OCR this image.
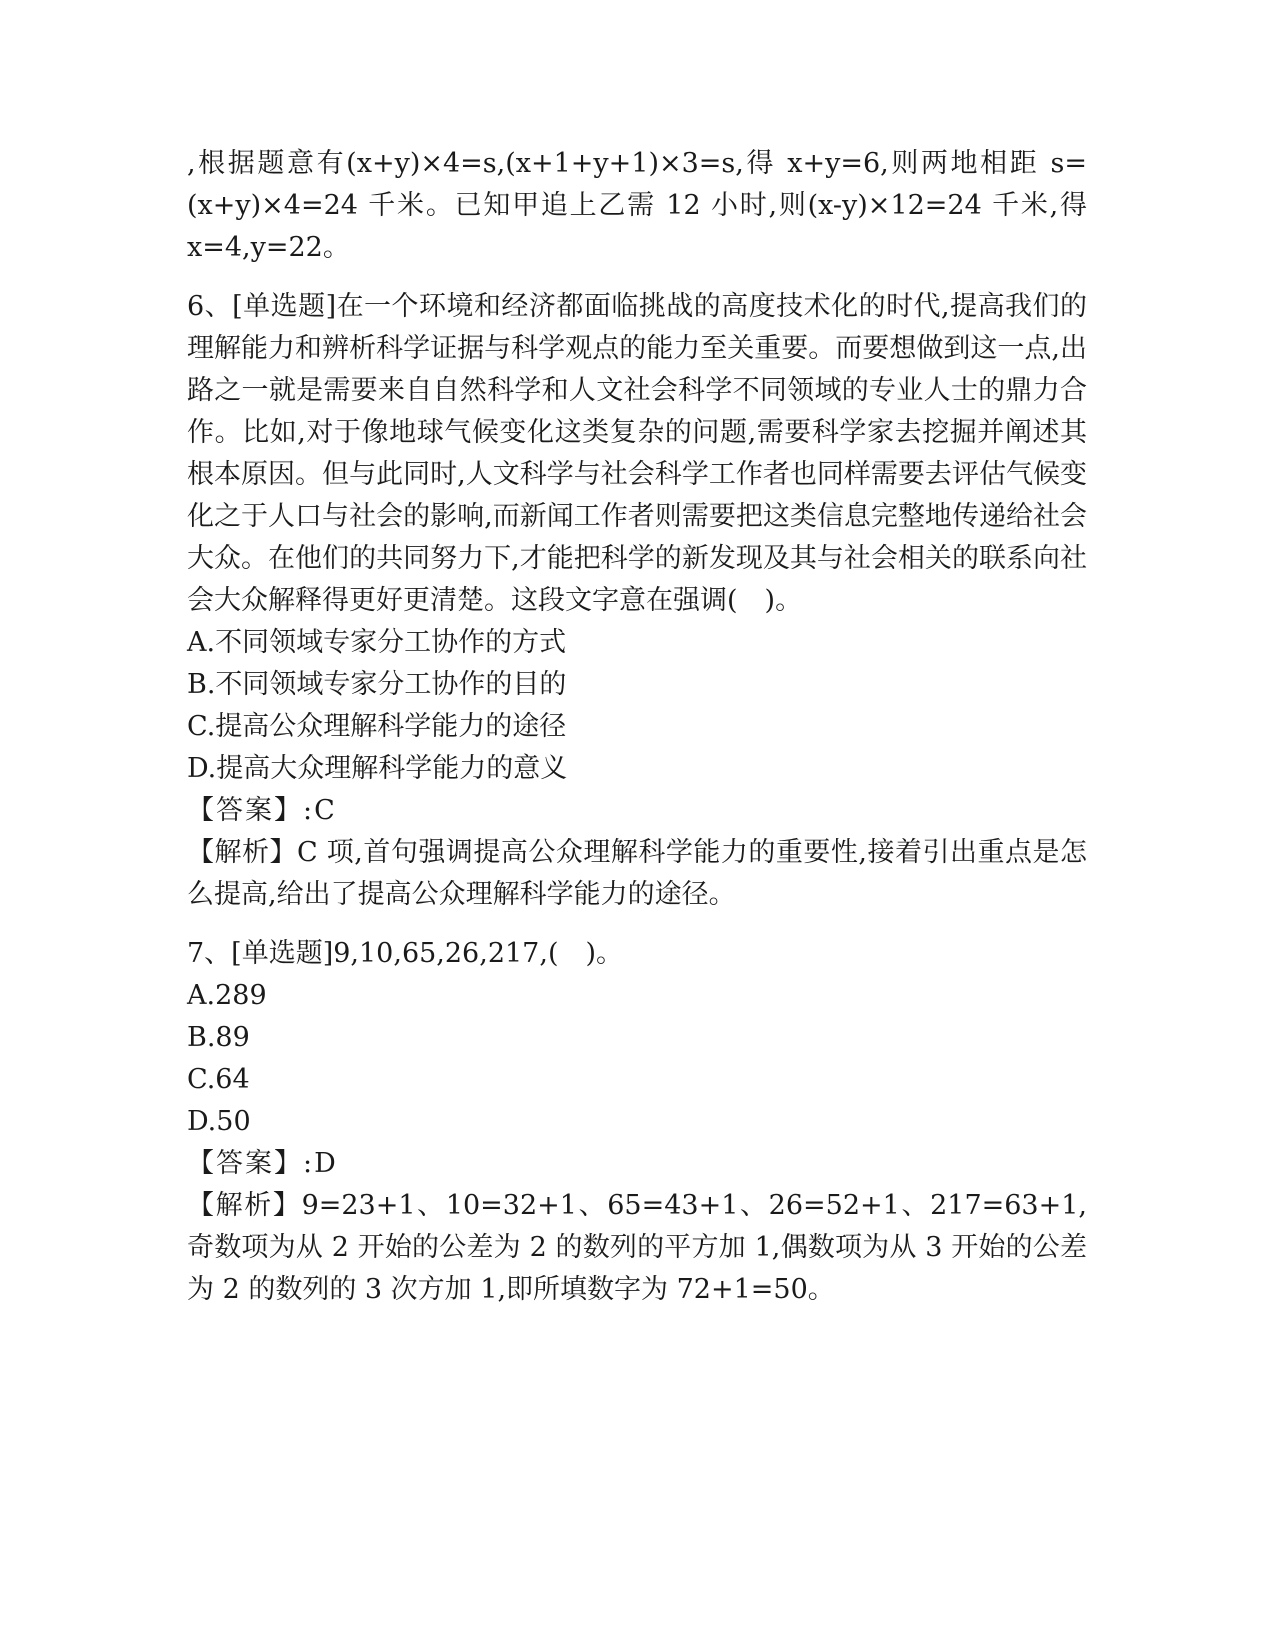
,根据题意有(x+y)×4=s,(x+1+y+1)×3=s,得 x+y=6,则两地相距 s=(x+y)×4=24 千米。已知甲追上乙需 12 小时,则(x-y)×12=24 千米,得 x=4,y=22。

6、[单选题]在一个环境和经济都面临挑战的高度技术化的时代,提高我们的理解能力和辨析科学证据与科学观点的能力至关重要。而要想做到这一点,出路之一就是需要来自自然科学和人文社会科学不同领域的专业人士的鼎力合作。比如,对于像地球气候变化这类复杂的问题,需要科学家去挖掘并阐述其根本原因。但与此同时,人文科学与社会科学工作者也同样需要去评估气候变化之于人口与社会的影响,而新闻工作者则需要把这类信息完整地传递给社会大众。在他们的共同努力下,才能把科学的新发现及其与社会相关的联系向社会大众解释得更好更清楚。这段文字意在强调(　)。

A.不同领域专家分工协作的方式

B.不同领域专家分工协作的目的

C.提高公众理解科学能力的途径

D.提高大众理解科学能力的意义

【答案】:C

【解析】C 项,首句强调提高公众理解科学能力的重要性,接着引出重点是怎么提高,给出了提高公众理解科学能力的途径。

7、[单选题]9,10,65,26,217,(　)。

A.289

B.89

C.64

D.50

【答案】:D

【解析】9=23+1、10=32+1、65=43+1、26=52+1、217=63+1,奇数项为从 2 开始的公差为 2 的数列的平方加 1,偶数项为从 3 开始的公差为 2 的数列的 3 次方加 1,即所填数字为 72+1=50。
